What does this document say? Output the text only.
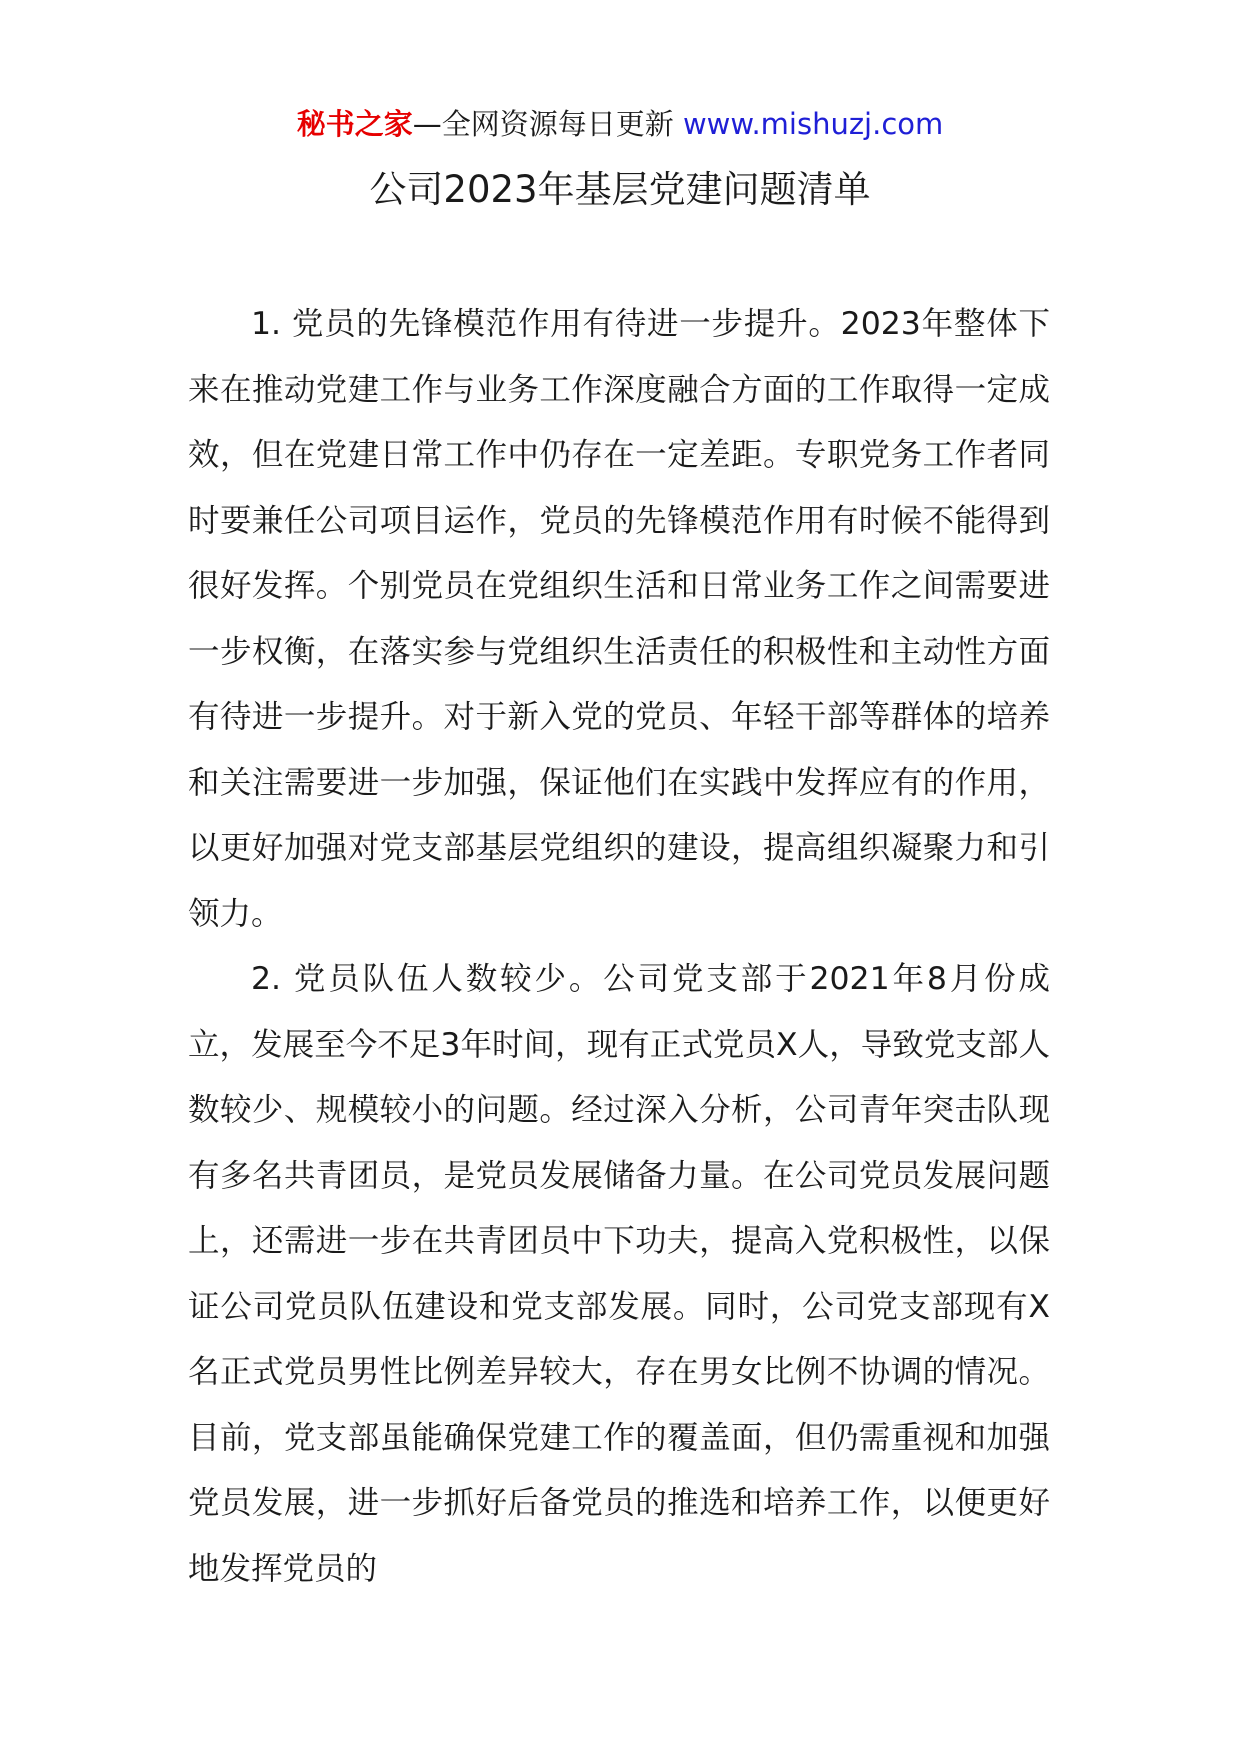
秘书之家—全网资源每日更新 www.mishuzj.com
公司2023年基层党建问题清单

1. 党员的先锋模范作用有待进一步提升。2023年整体下来在推动党建工作与业务工作深度融合方面的工作取得一定成效，但在党建日常工作中仍存在一定差距。专职党务工作者同时要兼任公司项目运作，党员的先锋模范作用有时候不能得到很好发挥。个别党员在党组织生活和日常业务工作之间需要进一步权衡，在落实参与党组织生活责任的积极性和主动性方面有待进一步提升。对于新入党的党员、年轻干部等群体的培养和关注需要进一步加强，保证他们在实践中发挥应有的作用，以更好加强对党支部基层党组织的建设，提高组织凝聚力和引领力。

2. 党员队伍人数较少。公司党支部于2021年8月份成立，发展至今不足3年时间，现有正式党员X人，导致党支部人数较少、规模较小的问题。经过深入分析，公司青年突击队现有多名共青团员，是党员发展储备力量。在公司党员发展问题上，还需进一步在共青团员中下功夫，提高入党积极性，以保证公司党员队伍建设和党支部发展。同时，公司党支部现有X名正式党员男性比例差异较大，存在男女比例不协调的情况。目前，党支部虽能确保党建工作的覆盖面，但仍需重视和加强党员发展，进一步抓好后备党员的推选和培养工作，以便更好地发挥党员的
